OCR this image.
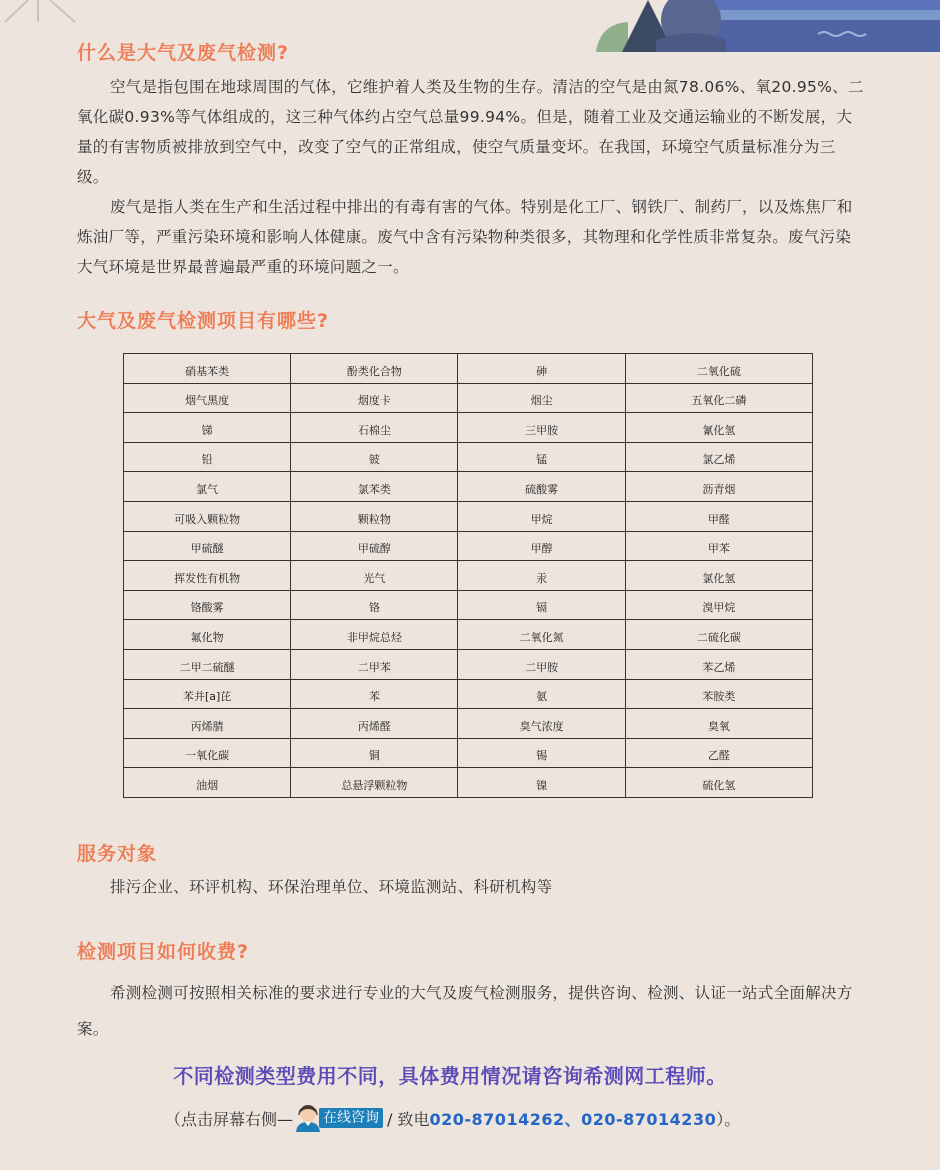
什么是大气及废气检测?

空气是指包围在地球周围的气体，它维护着人类及生物的生存。清洁的空气是由氮78.06%、氧20.95%、二氧化碳0.93%等气体组成的，这三种气体约占空气总量99.94%。但是，随着工业及交通运输业的不断发展，大量的有害物质被排放到空气中，改变了空气的正常组成，使空气质量变坏。在我国，环境空气质量标准分为三级。

废气是指人类在生产和生活过程中排出的有毒有害的气体。特别是化工厂、钢铁厂、制药厂，以及炼焦厂和炼油厂等，严重污染环境和影响人体健康。废气中含有污染物种类很多，其物理和化学性质非常复杂。废气污染大气环境是世界最普遍最严重的环境问题之一。

大气及废气检测项目有哪些?
硝基苯类	酚类化合物	砷	二氧化硫
烟气黑度	烟度卡	烟尘	五氧化二磷
锑	石棉尘	三甲胺	氰化氢
铅	铍	锰	氯乙烯
氯气	氯苯类	硫酸雾	沥青烟
可吸入颗粒物	颗粒物	甲烷	甲醛
甲硫醚	甲硫醇	甲醇	甲苯
挥发性有机物	光气	汞	氯化氢
铬酸雾	铬	镉	溴甲烷
氟化物	非甲烷总烃	二氧化氮	二硫化碳
二甲二硫醚	二甲苯	二甲胺	苯乙烯
苯并[a]芘	苯	氨	苯胺类
丙烯腈	丙烯醛	臭气浓度	臭氧
一氧化碳	铜	锡	乙醛
油烟	总悬浮颗粒物	镍	硫化氢
服务对象

排污企业、环评机构、环保治理单位、环境监测站、科研机构等

检测项目如何收费?

希测检测可按照相关标准的要求进行专业的大气及废气检测服务，提供咨询、检测、认证一站式全面解决方案。

不同检测类型费用不同，具体费用情况请咨询希测网工程师。
（点击屏幕右侧— 在线咨询 / 致电 020-87014262、020-87014230 ）。
